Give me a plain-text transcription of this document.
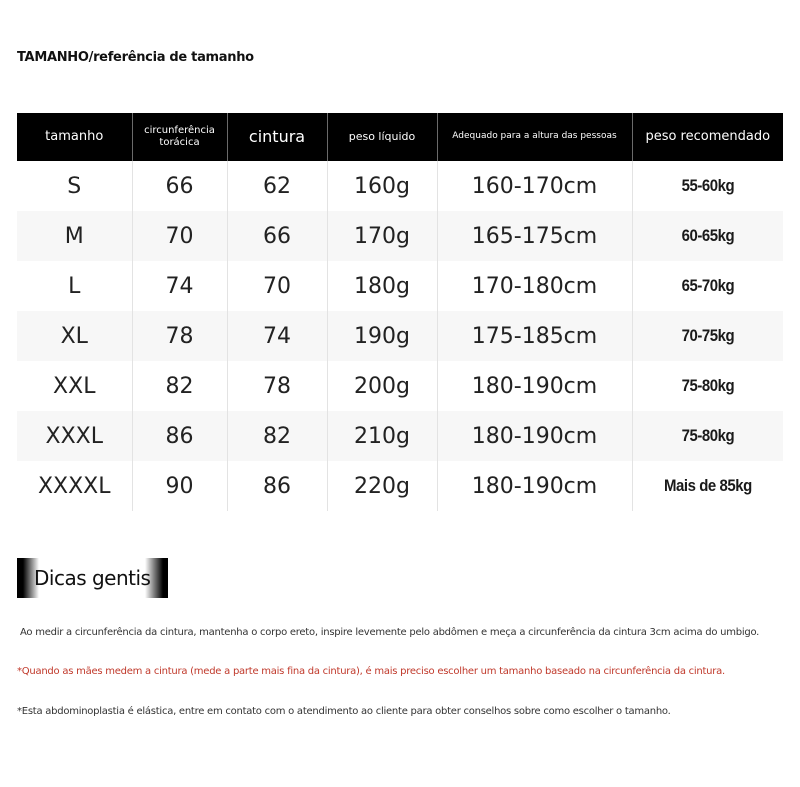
TAMANHO/referência de tamanho
tamanho	circunferência torácica	cintura	peso líquido	Adequado para a altura das pessoas	peso recomendado
S	66	62	160g	160-170cm	55-60kg
M	70	66	170g	165-175cm	60-65kg
L	74	70	180g	170-180cm	65-70kg
XL	78	74	190g	175-185cm	70-75kg
XXL	82	78	200g	180-190cm	75-80kg
XXXL	86	82	210g	180-190cm	75-80kg
XXXXL	90	86	220g	180-190cm	Mais de 85kg
Dicas gentis
Ao medir a circunferência da cintura, mantenha o corpo ereto, inspire levemente pelo abdômen e meça a circunferência da cintura 3cm acima do umbigo.
*Quando as mães medem a cintura (mede a parte mais fina da cintura), é mais preciso escolher um tamanho baseado na circunferência da cintura.
*Esta abdominoplastia é elástica, entre em contato com o atendimento ao cliente para obter conselhos sobre como escolher o tamanho.
